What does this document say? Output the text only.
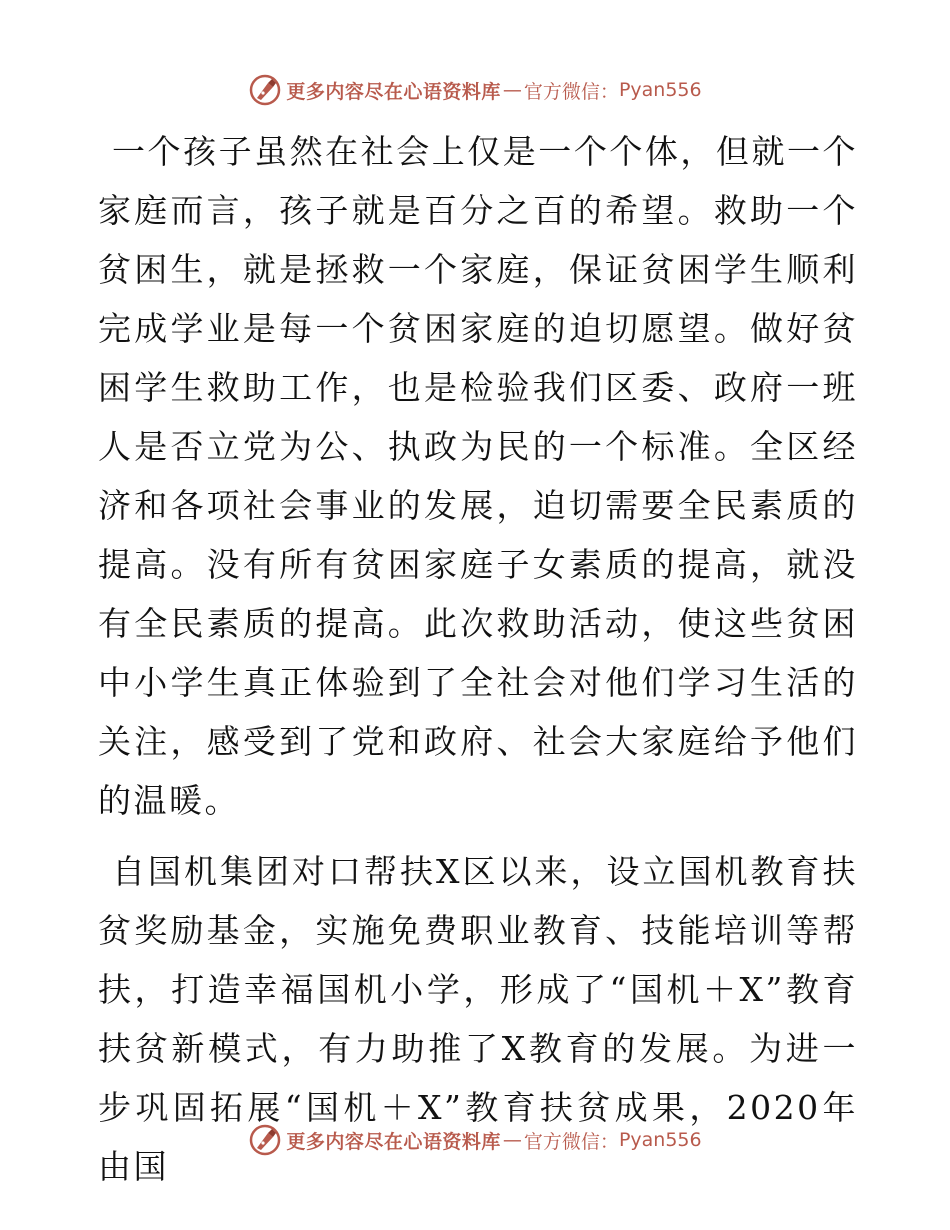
更多内容尽在心语资料库 — 官方微信： Pyan556

一个孩子虽然在社会上仅是一个个体，但就一个家庭而言，孩子就是百分之百的希望。救助一个贫困生，就是拯救一个家庭，保证贫困学生顺利完成学业是每一个贫困家庭的迫切愿望。做好贫困学生救助工作，也是检验我们区委、政府一班人是否立党为公、执政为民的一个标准。全区经济和各项社会事业的发展，迫切需要全民素质的提高。没有所有贫困家庭子女素质的提高，就没有全民素质的提高。此次救助活动，使这些贫困中小学生真正体验到了全社会对他们学习生活的关注，感受到了党和政府、社会大家庭给予他们的温暖。

自国机集团对口帮扶X区以来，设立国机教育扶贫奖励基金，实施免费职业教育、技能培训等帮扶，打造幸福国机小学，形成了“国机＋X”教育扶贫新模式，有力助推了X教育的发展。为进一步巩固拓展“国机＋X”教育扶贫成果，2020年由国

更多内容尽在心语资料库 — 官方微信： Pyan556
